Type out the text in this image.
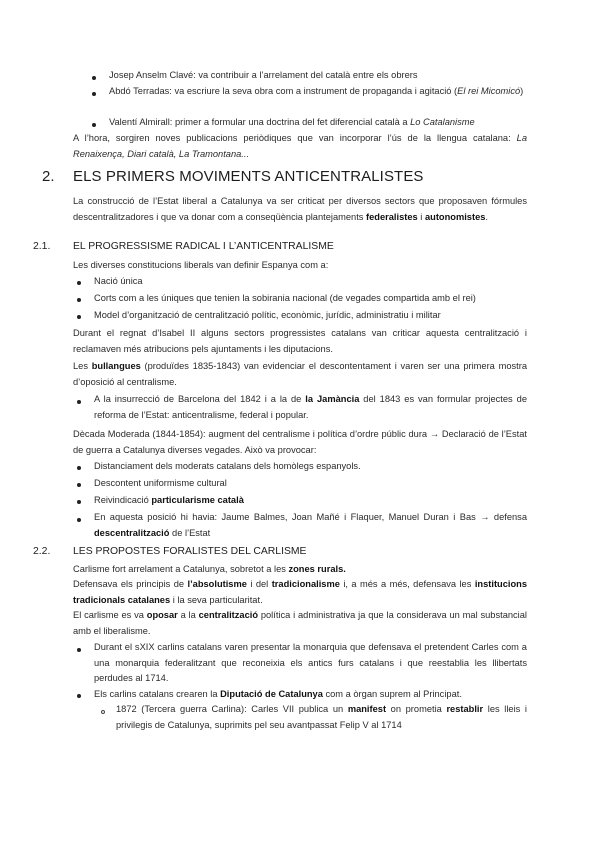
Josep Anselm Clavé: va contribuir a l’arrelament del català entre els obrers

Abdó Terradas: va escriure la seva obra com a instrument de propaganda i agitació (El rei Micomicó)

Valentí Almirall: primer a formular una doctrina del fet diferencial català a Lo Catalanisme

A l’hora, sorgiren noves publicacions periòdiques que van incorporar l’ús de la llengua catalana: La Renaixença, Diari català, La Tramontana...

2. ELS PRIMERS MOVIMENTS ANTICENTRALISTES

La construcció de l’Estat liberal a Catalunya va ser criticat per diversos sectors que proposaven fórmules descentralitzadores i que va donar com a conseqüència plantejaments federalistes i autonomistes.

2.1. EL PROGRESSISME RADICAL I L’ANTICENTRALISME

Les diverses constitucions liberals van definir Espanya com a:

Nació única

Corts com a les úniques que tenien la sobirania nacional (de vegades compartida amb el rei)

Model d’organització de centralització polític, econòmic, jurídic, administratiu i militar

Durant el regnat d’Isabel II alguns sectors progressistes catalans van criticar aquesta centralització i reclamaven més atribucions pels ajuntaments i les diputacions.

Les bullangues (produïdes 1835-1843) van evidenciar el descontentament i varen ser una primera mostra d’oposició al centralisme.

A la insurrecció de Barcelona del 1842 i a la de la Jamància del 1843 es van formular projectes de reforma de l’Estat: anticentralisme, federal i popular.

Dècada Moderada (1844-1854): augment del centralisme i política d’ordre públic dura → Declaració de l’Estat de guerra a Catalunya diverses vegades. Això va provocar:

Distanciament dels moderats catalans dels homòlegs espanyols.

Descontent uniformisme cultural

Reivindicació particularisme català

En aquesta posició hi havia: Jaume Balmes, Joan Mañé i Flaquer, Manuel Duran i Bas → defensa descentralització de l’Estat

2.2. LES PROPOSTES FORALISTES DEL CARLISME

Carlisme fort arrelament a Catalunya, sobretot a les zones rurals.

Defensava els principis de l’absolutisme i del tradicionalisme i, a més a més, defensava les institucions tradicionals catalanes i la seva particularitat.

El carlisme es va oposar a la centralització política i administrativa ja que la considerava un mal substancial amb el liberalisme.

Durant el sXIX carlins catalans varen presentar la monarquia que defensava el pretendent Carles com a una monarquia federalitzant que reconeixia els antics furs catalans i que reestablia les llibertats perdudes al 1714.

Els carlins catalans crearen la Diputació de Catalunya com a òrgan suprem al Principat.

1872 (Tercera guerra Carlina): Carles VII publica un manifest on prometia restablir les lleis i privilegis de Catalunya, suprimits pel seu avantpassat Felip V al 1714
